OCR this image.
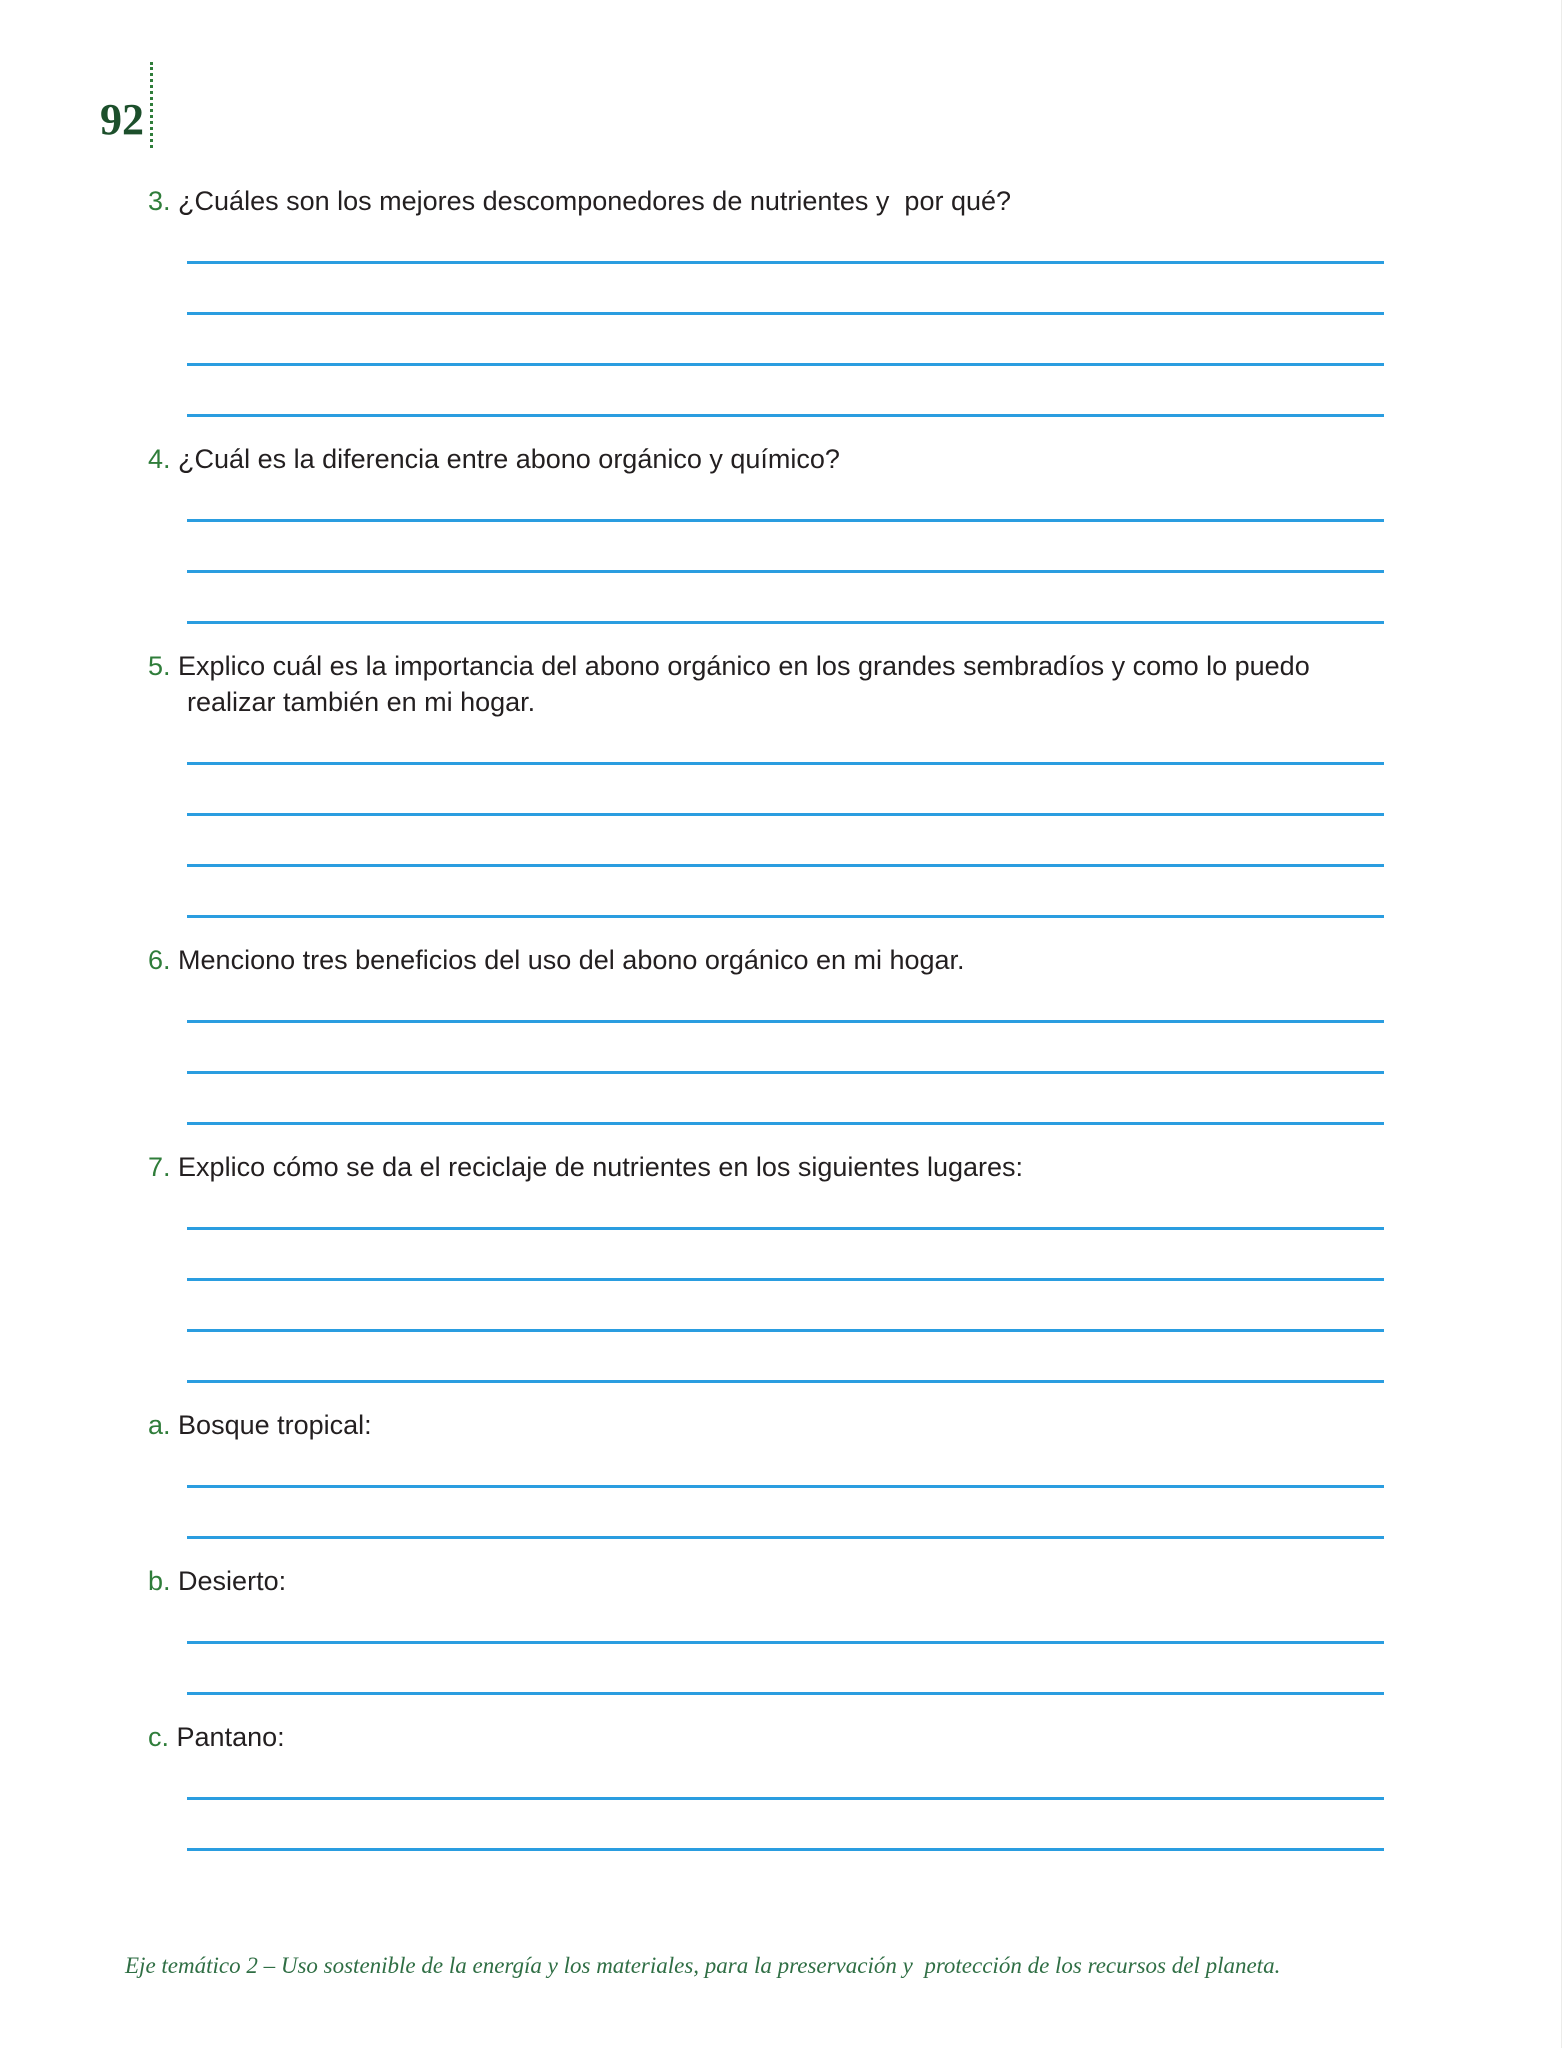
92
3. ¿Cuáles son los mejores descomponedores de nutrientes y  por qué?
4. ¿Cuál es la diferencia entre abono orgánico y químico?
5. Explico cuál es la importancia del abono orgánico en los grandes sembradíos y como lo puedo realizar también en mi hogar.
6. Menciono tres beneficios del uso del abono orgánico en mi hogar.
7. Explico cómo se da el reciclaje de nutrientes en los siguientes lugares:
a. Bosque tropical:
b. Desierto:
c. Pantano:
Eje temático 2 – Uso sostenible de la energía y los materiales, para la preservación y  protección de los recursos del planeta.
